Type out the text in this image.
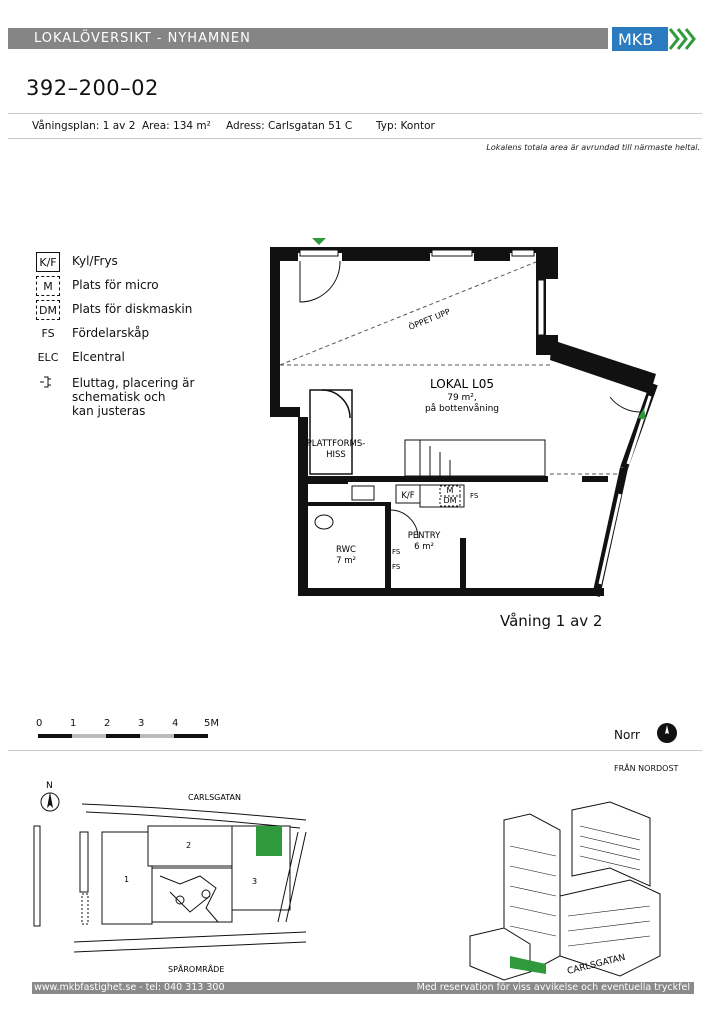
LOKALÖVERSIKT - NYHAMNEN	MKB
392–200–02
Våningsplan: 1 av 2 Area: 134 m² Adress: Carlsgatan 51 C Typ: Kontor
Lokalens totala area är avrundad till närmaste heltal.
K/F Kyl/Frys
M	Plats för micro
DM Plats för diskmaskin
FS	Fördelarskåp
ELC Elcentral
Eluttag, placering är
schematisk och
kan justeras
LOKAL L05
79 m²,
på bottenvåning
ÖPPET UPP
PLATTFORMS-
HISS
K/F
M
DM FS
FS
FS
PENTRY
6 m²
RWC
7 m²
Våning 1 av 2
0	1	2	3	4	5M
Norr
FRÅN NORDOST
N
CARLSGATAN
1
2
3
SPÅROMRÅDE	CARLSGATAN
www.mkbfastighet.se - tel: 040 313 300	Med reservation för viss avvikelse och eventuella tryckfel
